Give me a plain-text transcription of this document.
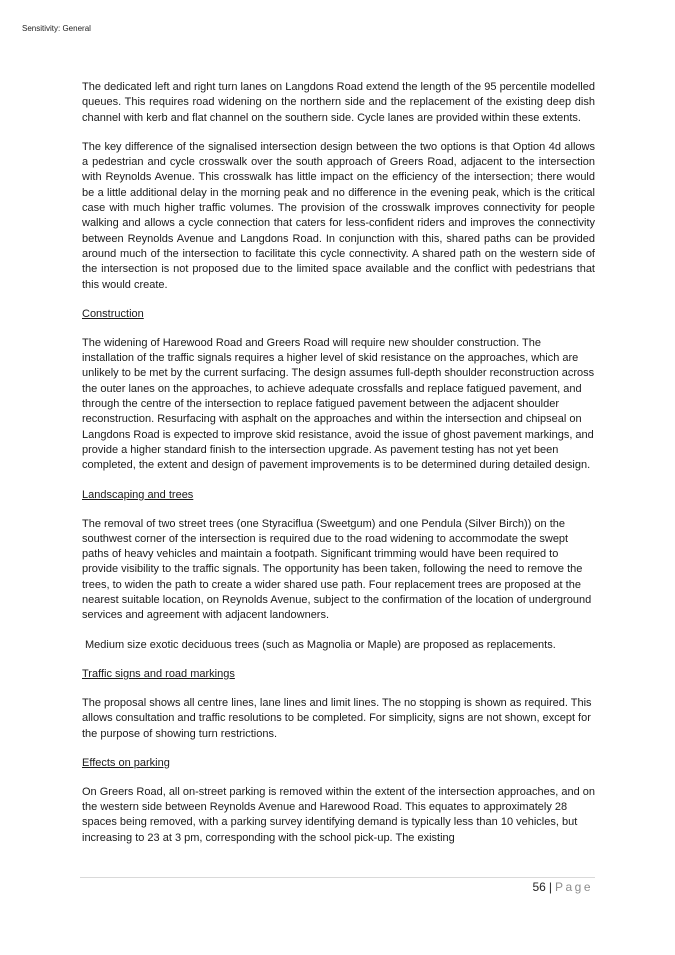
Sensitivity: General

The dedicated left and right turn lanes on Langdons Road extend the length of the 95 percentile modelled queues. This requires road widening on the northern side and the replacement of the existing deep dish channel with kerb and flat channel on the southern side. Cycle lanes are provided within these extents.

The key difference of the signalised intersection design between the two options is that Option 4d allows a pedestrian and cycle crosswalk over the south approach of Greers Road, adjacent to the intersection with Reynolds Avenue. This crosswalk has little impact on the efficiency of the intersection; there would be a little additional delay in the morning peak and no difference in the evening peak, which is the critical case with much higher traffic volumes. The provision of the crosswalk improves connectivity for people walking and allows a cycle connection that caters for less-confident riders and improves the connectivity between Reynolds Avenue and Langdons Road. In conjunction with this, shared paths can be provided around much of the intersection to facilitate this cycle connectivity. A shared path on the western side of the intersection is not proposed due to the limited space available and the conflict with pedestrians that this would create.

Construction

The widening of Harewood Road and Greers Road will require new shoulder construction. The installation of the traffic signals requires a higher level of skid resistance on the approaches, which are unlikely to be met by the current surfacing. The design assumes full-depth shoulder reconstruction across the outer lanes on the approaches, to achieve adequate crossfalls and replace fatigued pavement, and through the centre of the intersection to replace fatigued pavement between the adjacent shoulder reconstruction. Resurfacing with asphalt on the approaches and within the intersection and chipseal on Langdons Road is expected to improve skid resistance, avoid the issue of ghost pavement markings, and provide a higher standard finish to the intersection upgrade. As pavement testing has not yet been completed, the extent and design of pavement improvements is to be determined during detailed design.

Landscaping and trees

The removal of two street trees (one Styraciflua (Sweetgum) and one Pendula (Silver Birch)) on the southwest corner of the intersection is required due to the road widening to accommodate the swept paths of heavy vehicles and maintain a footpath. Significant trimming would have been required to provide visibility to the traffic signals. The opportunity has been taken, following the need to remove the trees, to widen the path to create a wider shared use path. Four replacement trees are proposed at the nearest suitable location, on Reynolds Avenue, subject to the confirmation of the location of underground services and agreement with adjacent landowners.

Medium size exotic deciduous trees (such as Magnolia or Maple) are proposed as replacements.

Traffic signs and road markings

The proposal shows all centre lines, lane lines and limit lines. The no stopping is shown as required. This allows consultation and traffic resolutions to be completed. For simplicity, signs are not shown, except for the purpose of showing turn restrictions.

Effects on parking

On Greers Road, all on-street parking is removed within the extent of the intersection approaches, and on the western side between Reynolds Avenue and Harewood Road. This equates to approximately 28 spaces being removed, with a parking survey identifying demand is typically less than 10 vehicles, but increasing to 23 at 3 pm, corresponding with the school pick-up. The existing

56 | Page
